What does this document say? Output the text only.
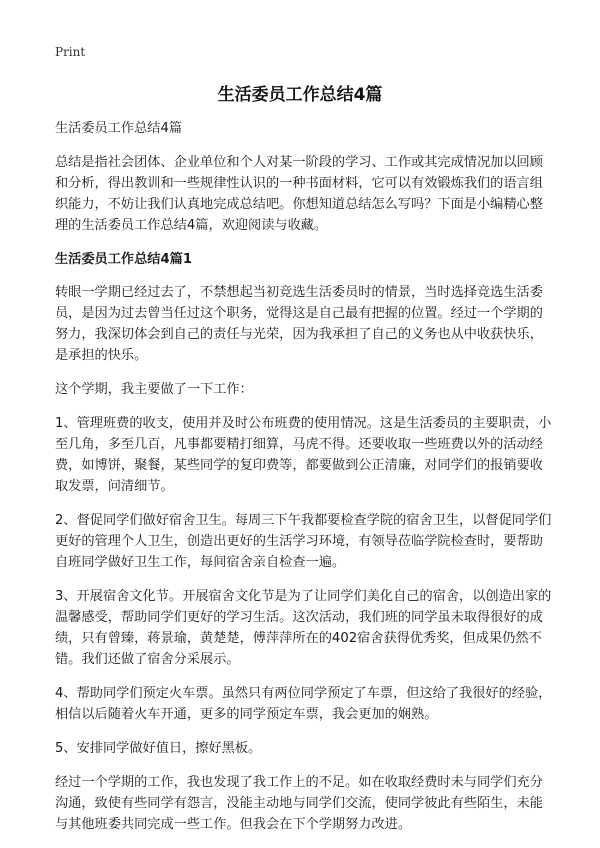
Print
生活委员工作总结4篇

生活委员工作总结4篇

总结是指社会团体、企业单位和个人对某一阶段的学习、工作或其完成情况加以回顾和分析，得出教训和一些规律性认识的一种书面材料，它可以有效锻炼我们的语言组织能力，不妨让我们认真地完成总结吧。你想知道总结怎么写吗？下面是小编精心整理的生活委员工作总结4篇，欢迎阅读与收藏。

生活委员工作总结4篇1

转眼一学期已经过去了，不禁想起当初竞选生活委员时的情景，当时选择竞选生活委员，是因为过去曾当任过这个职务，觉得这是自己最有把握的位置。经过一个学期的努力，我深切体会到自己的责任与光荣，因为我承担了自己的义务也从中收获快乐，是承担的快乐。

这个学期，我主要做了一下工作：

1、管理班费的收支，使用并及时公布班费的使用情况。这是生活委员的主要职责，小至几角，多至几百，凡事都要精打细算，马虎不得。还要收取一些班费以外的活动经费，如博饼，聚餐，某些同学的复印费等，都要做到公正清廉，对同学们的报销要收取发票，问清细节。

2、督促同学们做好宿舍卫生。每周三下午我都要检查学院的宿舍卫生，以督促同学们更好的管理个人卫生，创造出更好的生活学习环境，有领导莅临学院检查时，要帮助自班同学做好卫生工作，每间宿舍亲自检查一遍。

3、开展宿舍文化节。开展宿舍文化节是为了让同学们美化自己的宿舍，以创造出家的温馨感受，帮助同学们更好的学习生活。这次活动，我们班的同学虽未取得很好的成绩，只有曾臻，蒋景瑜，黄楚楚，傅萍萍所在的402宿舍获得优秀奖，但成果仍然不错。我们还做了宿舍分采展示。

4、帮助同学们预定火车票。虽然只有两位同学预定了车票，但这给了我很好的经验，相信以后随着火车开通，更多的同学预定车票，我会更加的娴熟。

5、安排同学做好值日，擦好黑板。

经过一个学期的工作，我也发现了我工作上的不足。如在收取经费时未与同学们充分沟通，致使有些同学有怨言，没能主动地与同学们交流，使同学彼此有些陌生，未能与其他班委共同完成一些工作。但我会在下个学期努力改进。
